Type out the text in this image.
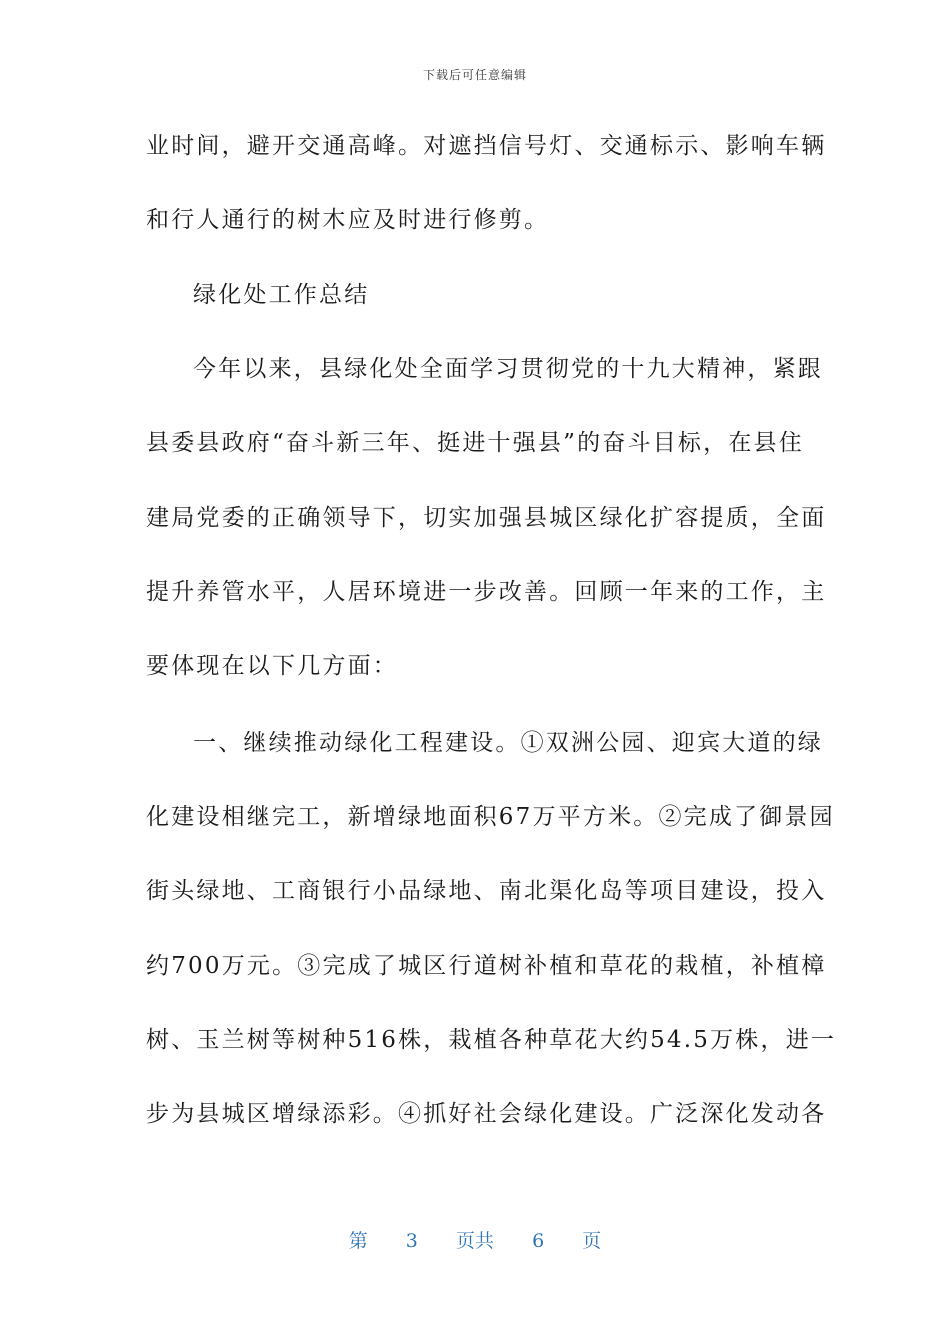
下载后可任意编辑
业时间，避开交通高峰。对遮挡信号灯、交通标示、影响车辆
和行人通行的树木应及时进行修剪。
绿化处工作总结
今年以来，县绿化处全面学习贯彻党的十九大精神，紧跟
县委县政府“奋斗新三年、挺进十强县”的奋斗目标，在县住
建局党委的正确领导下，切实加强县城区绿化扩容提质，全面
提升养管水平，人居环境进一步改善。回顾一年来的工作，主
要体现在以下几方面：
一、继续推动绿化工程建设。①双洲公园、迎宾大道的绿
化建设相继完工，新增绿地面积67万平方米。②完成了御景园
街头绿地、工商银行小品绿地、南北渠化岛等项目建设，投入
约700万元。③完成了城区行道树补植和草花的栽植，补植樟
树、玉兰树等树种516株，栽植各种草花大约54.5万株，进一
步为县城区增绿添彩。④抓好社会绿化建设。广泛深化发动各
第 3 页共 6 页
